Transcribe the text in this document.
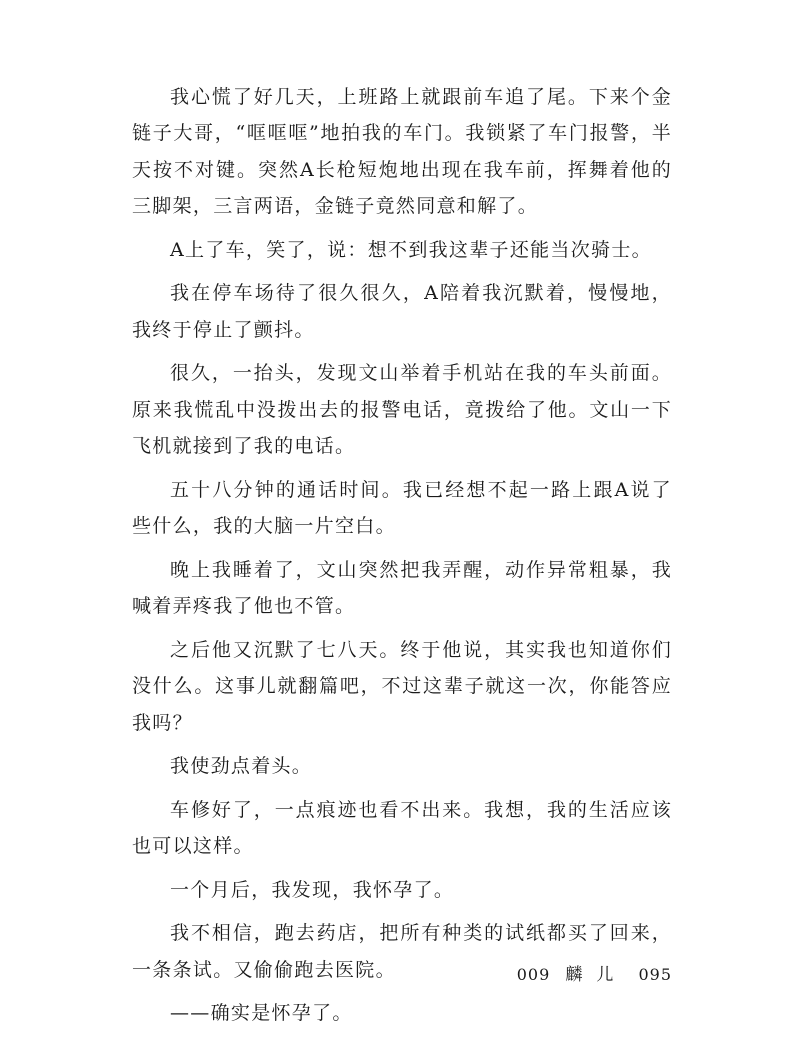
我心慌了好几天，上班路上就跟前车追了尾。下来个金链子大哥，“哐哐哐”地拍我的车门。我锁紧了车门报警，半天按不对键。突然A长枪短炮地出现在我车前，挥舞着他的三脚架，三言两语，金链子竟然同意和解了。

A上了车，笑了，说：想不到我这辈子还能当次骑士。

我在停车场待了很久很久，A陪着我沉默着，慢慢地，我终于停止了颤抖。

很久，一抬头，发现文山举着手机站在我的车头前面。原来我慌乱中没拨出去的报警电话，竟拨给了他。文山一下飞机就接到了我的电话。

五十八分钟的通话时间。我已经想不起一路上跟A说了些什么，我的大脑一片空白。

晚上我睡着了，文山突然把我弄醒，动作异常粗暴，我喊着弄疼我了他也不管。

之后他又沉默了七八天。终于他说，其实我也知道你们没什么。这事儿就翻篇吧，不过这辈子就这一次，你能答应我吗？

我使劲点着头。

车修好了，一点痕迹也看不出来。我想，我的生活应该也可以这样。

一个月后，我发现，我怀孕了。

我不相信，跑去药店，把所有种类的试纸都买了回来，一条条试。又偷偷跑去医院。

——确实是怀孕了。

009 麟儿 095
